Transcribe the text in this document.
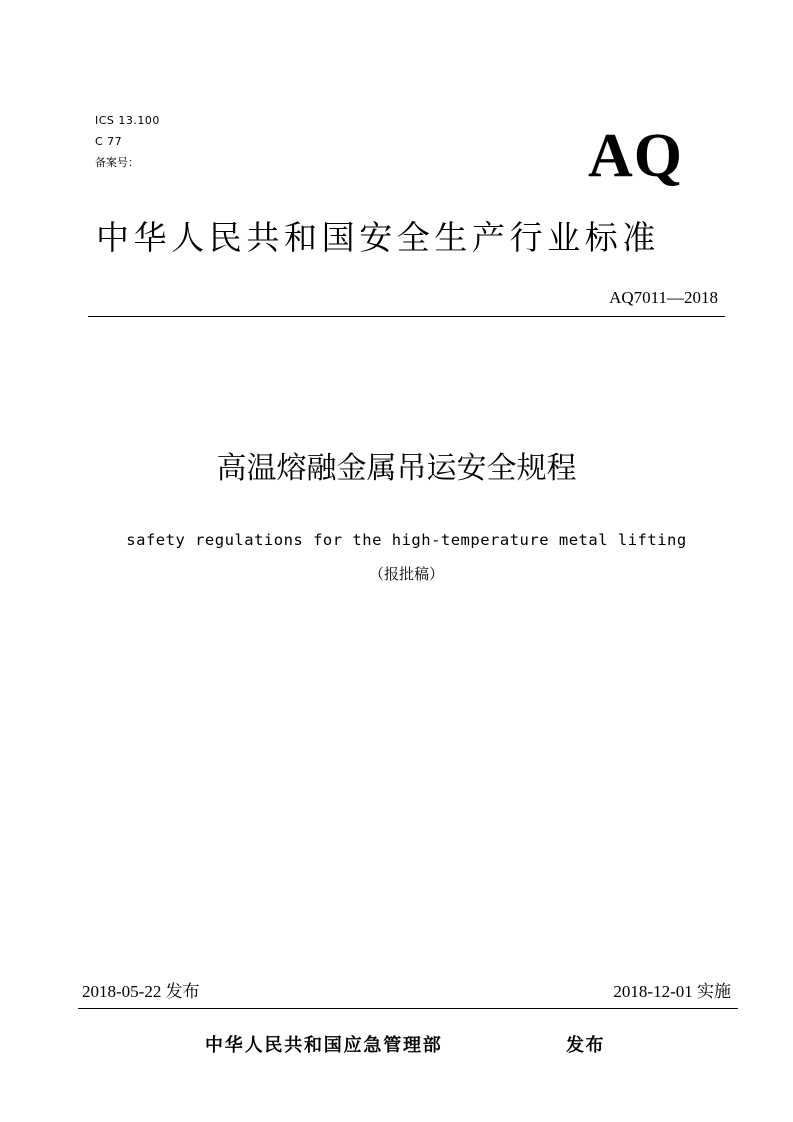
ICS 13.100
C 77
备案号：	AQ
中华人民共和国安全生产行业标准
AQ7011—2018
高温熔融金属吊运安全规程
safety regulations for the high-temperature metal lifting
（报批稿）
2018-05-22 发布	2018-12-01 实施
中华人民共和国应急管理部	发布
